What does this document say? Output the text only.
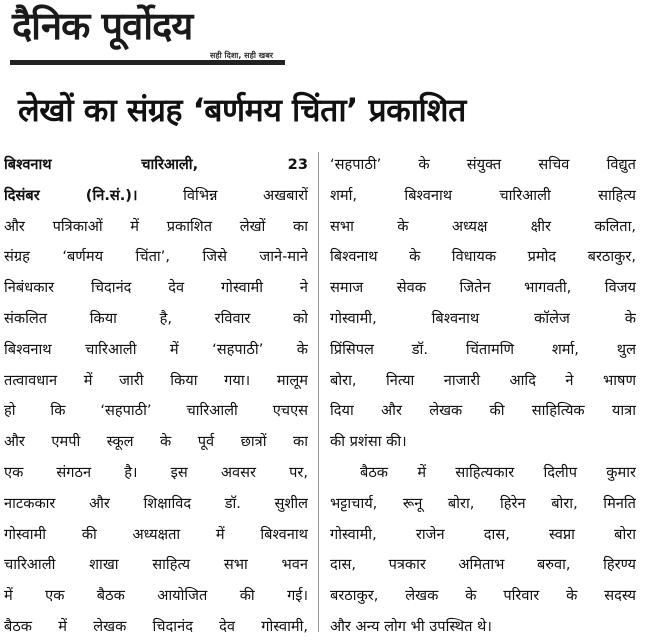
दैनिक पूर्वोदय
सही दिशा, सही खबर
लेखों का संग्रह ‘बर्णमय चिंता’ प्रकाशित
बिश्वनाथ चारिआली, 23
दिसंबर (नि.सं.)। विभिन्न अखबारों
और पत्रिकाओं में प्रकाशित लेखों का
संग्रह ‘बर्णमय चिंता’, जिसे जाने-माने
निबंधकार चिदानंद देव गोस्वामी ने
संकलित किया है, रविवार को
बिश्वनाथ चारिआली में ‘सहपाठी’ के
तत्वावधान में जारी किया गया। मालूम
हो कि ‘सहपाठी’ चारिआली एचएस
और एमपी स्कूल के पूर्व छात्रों का
एक संगठन है। इस अवसर पर,
नाटककार और शिक्षाविद डॉ. सुशील
गोस्वामी की अध्यक्षता में बिश्वनाथ
चारिआली शाखा साहित्य सभा भवन
में एक बैठक आयोजित की गई।
बैठक में लेखक चिदानंद देव गोस्वामी,
‘सहपाठी’ के संयुक्त सचिव विद्युत
शर्मा, बिश्वनाथ चारिआली साहित्य
सभा के अध्यक्ष क्षीर कलिता,
बिश्वनाथ के विधायक प्रमोद बरठाकुर,
समाज सेवक जितेन भागवती, विजय
गोस्वामी, बिश्वनाथ कॉलेज के
प्रिंसिपल डॉ. चिंतामणि शर्मा, थुल
बोरा, नित्या नाजारी आदि ने भाषण
दिया और लेखक की साहित्यिक यात्रा
की प्रशंसा की।
बैठक में साहित्यकार दिलीप कुमार
भट्टाचार्य, रूनू बोरा, हिरेन बोरा, मिनति
गोस्वामी, राजेन दास, स्वप्ना बोरा
दास, पत्रकार अमिताभ बरुवा, हिरण्य
बरठाकुर, लेखक के परिवार के सदस्य
और अन्य लोग भी उपस्थित थे।
